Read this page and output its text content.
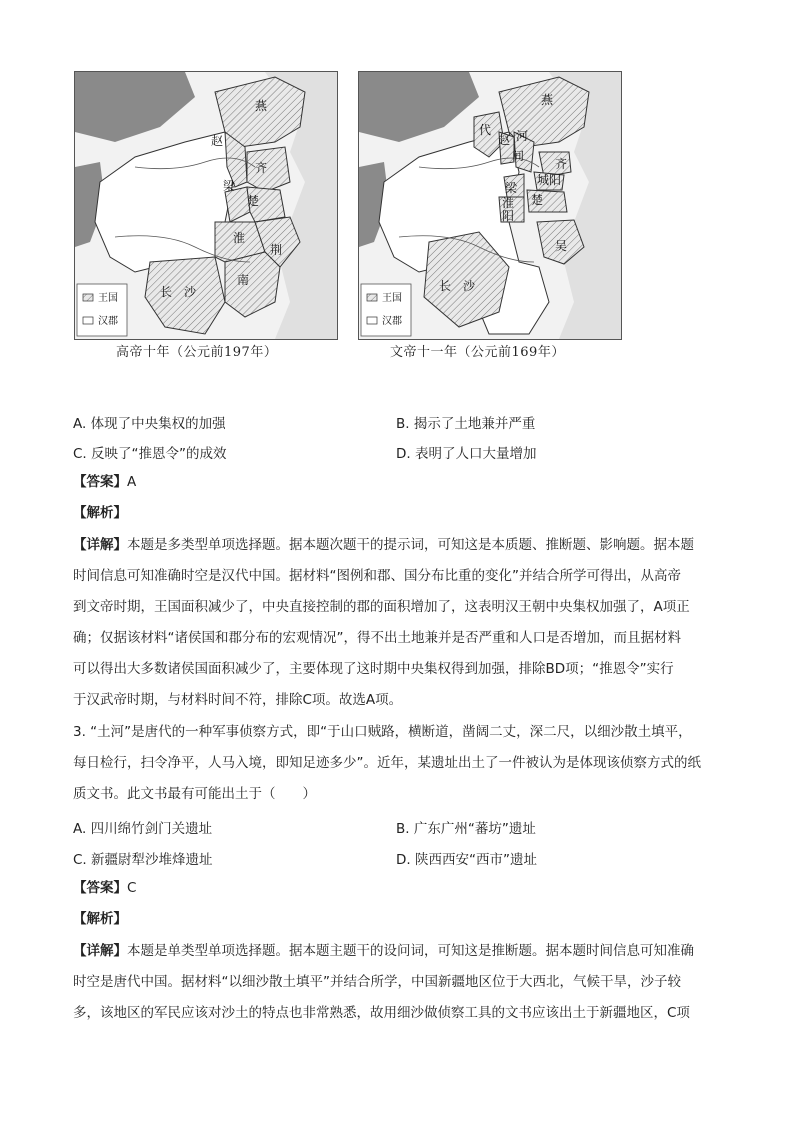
燕
赵
齐
梁
楚
淮
荆
南
长　沙
王国
汉郡
高帝十年（公元前197年）
燕
代
赵 河
间
齐
城阳
梁
淮
阳
楚
吴
长　沙
王国
汉郡
文帝十一年（公元前169年）
A. 体现了中央集权的加强	B. 揭示了土地兼并严重
C. 反映了“推恩令”的成效	D. 表明了人口大量增加
【答案】A
【解析】
【详解】本题是多类型单项选择题。据本题次题干的提示词，可知这是本质题、推断题、影响题。据本题
时间信息可知准确时空是汉代中国。据材料“图例和郡、国分布比重的变化”并结合所学可得出，从高帝
到文帝时期，王国面积减少了，中央直接控制的郡的面积增加了，这表明汉王朝中央集权加强了，A项正
确；仅据该材料“诸侯国和郡分布的宏观情况”，得不出土地兼并是否严重和人口是否增加，而且据材料
可以得出大多数诸侯国面积减少了，主要体现了这时期中央集权得到加强，排除BD项；“推恩令”实行
于汉武帝时期，与材料时间不符，排除C项。故选A项。
3. “土河”是唐代的一种军事侦察方式，即“于山口贼路，横断道，凿阔二丈，深二尺，以细沙散土填平，
每日检行，扫令净平，人马入境，即知足迹多少”。近年，某遗址出土了一件被认为是体现该侦察方式的纸
质文书。此文书最有可能出土于（　　）
A. 四川绵竹剑门关遗址	B. 广东广州“蕃坊”遗址
C. 新疆尉犁沙堆烽遗址	D. 陕西西安“西市”遗址
【答案】C
【解析】
【详解】本题是单类型单项选择题。据本题主题干的设问词，可知这是推断题。据本题时间信息可知准确
时空是唐代中国。据材料“以细沙散土填平”并结合所学，中国新疆地区位于大西北，气候干旱，沙子较
多，该地区的军民应该对沙土的特点也非常熟悉，故用细沙做侦察工具的文书应该出土于新疆地区，C项
